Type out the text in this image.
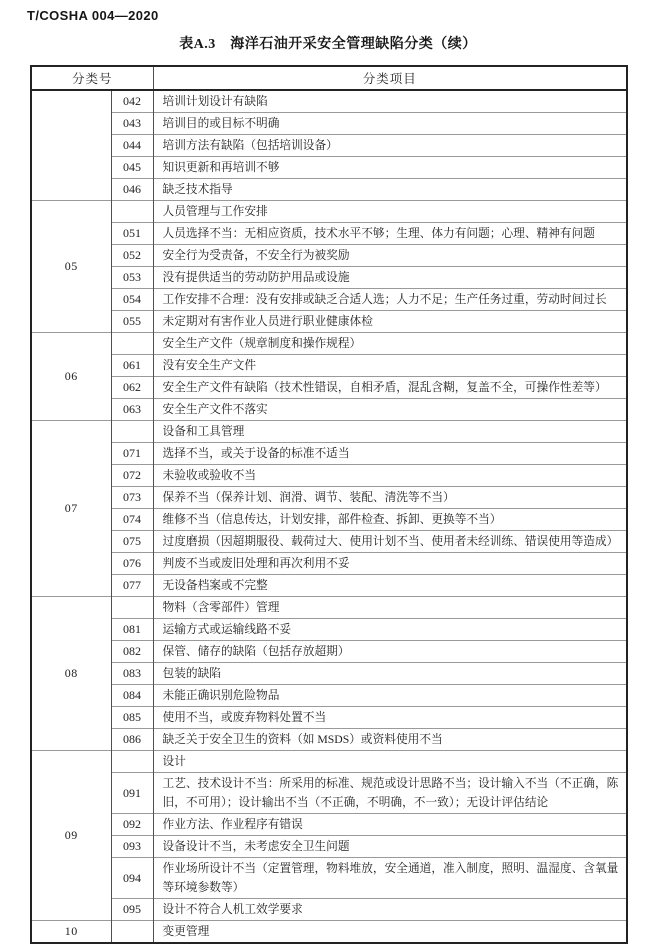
T/COSHA 004—2020
表A.3　海洋石油开采安全管理缺陷分类（续）
分类号		分类项目
	042	培训计划设计有缺陷
	043	培训目的或目标不明确
	044	培训方法有缺陷（包括培训设备）
	045	知识更新和再培训不够
	046	缺乏技术指导
05		人员管理与工作安排
	051	人员选择不当：无相应资质，技术水平不够；生理、体力有问题；心理、精神有问题
	052	安全行为受责备，不安全行为被奖励
	053	没有提供适当的劳动防护用品或设施
	054	工作安排不合理：没有安排或缺乏合适人选；人力不足；生产任务过重，劳动时间过长
	055	未定期对有害作业人员进行职业健康体检
06		安全生产文件（规章制度和操作规程）
	061	没有安全生产文件
	062	安全生产文件有缺陷（技术性错误，自相矛盾，混乱含糊，复盖不全，可操作性差等）
	063	安全生产文件不落实
07		设备和工具管理
	071	选择不当，或关于设备的标准不适当
	072	未验收或验收不当
	073	保养不当（保养计划、润滑、调节、装配、清洗等不当）
	074	维修不当（信息传达，计划安排，部件检查、拆卸、更换等不当）
	075	过度磨损（因超期服役、载荷过大、使用计划不当、使用者未经训练、错误使用等造成）
	076	判废不当或废旧处理和再次利用不妥
	077	无设备档案或不完整
08		物料（含零部件）管理
	081	运输方式或运输线路不妥
	082	保管、储存的缺陷（包括存放超期）
	083	包装的缺陷
	084	未能正确识别危险物品
	085	使用不当，或废弃物料处置不当
	086	缺乏关于安全卫生的资料（如 MSDS）或资料使用不当
09		设计
	091	工艺、技术设计不当：所采用的标准、规范或设计思路不当；设计输入不当（不正确，陈旧，不可用）；设计输出不当（不正确，不明确，不一致）；无设计评估结论
	092	作业方法、作业程序有错误
	093	设备设计不当，未考虑安全卫生问题
	094	作业场所设计不当（定置管理，物料堆放，安全通道，准入制度，照明、温湿度、含氧量等环境参数等）
	095	设计不符合人机工效学要求
10		变更管理
